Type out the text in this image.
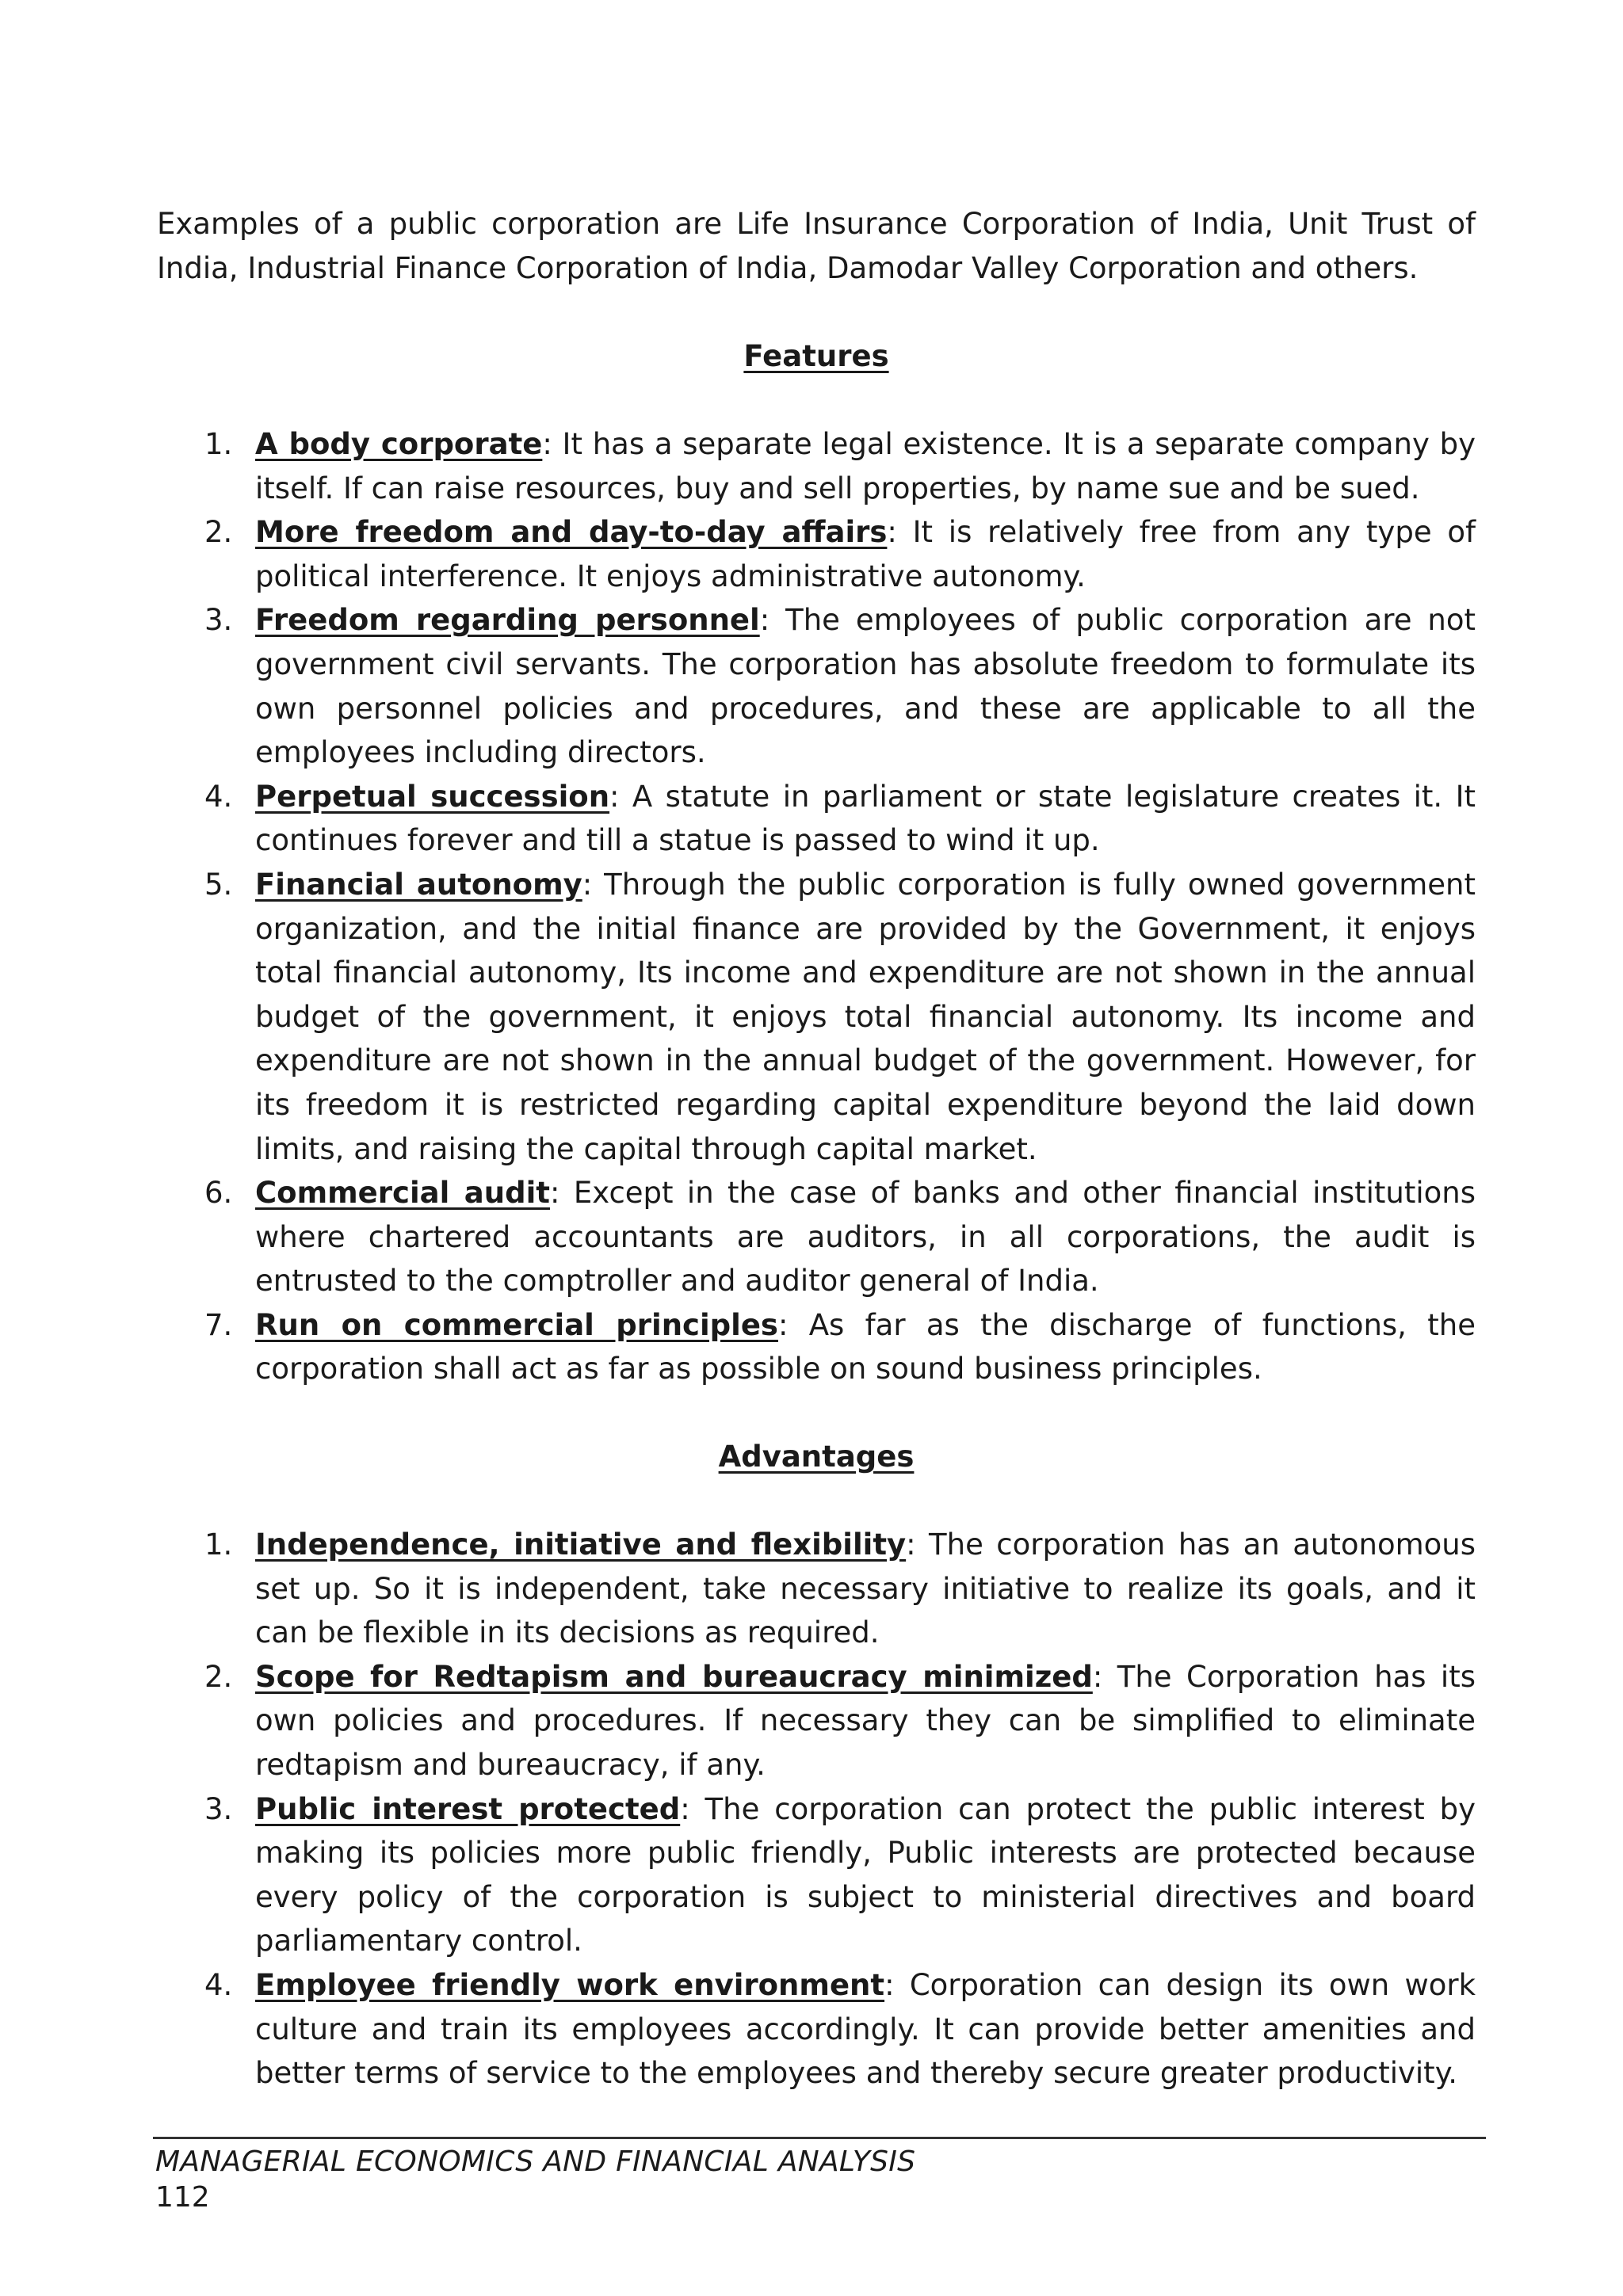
Examples of a public corporation are Life Insurance Corporation of India, Unit Trust of India, Industrial Finance Corporation of India, Damodar Valley Corporation and others.

Features
1. A body corporate: It has a separate legal existence. It is a separate company by itself. If can raise resources, buy and sell properties, by name sue and be sued.
2. More freedom and day-to-day affairs: It is relatively free from any type of political interference. It enjoys administrative autonomy.
3. Freedom regarding personnel: The employees of public corporation are not government civil servants. The corporation has absolute freedom to formulate its own personnel policies and procedures, and these are applicable to all the employees including directors.
4. Perpetual succession: A statute in parliament or state legislature creates it. It continues forever and till a statue is passed to wind it up.
5. Financial autonomy: Through the public corporation is fully owned government organization, and the initial finance are provided by the Government, it enjoys total financial autonomy, Its income and expenditure are not shown in the annual budget of the government, it enjoys total financial autonomy. Its income and expenditure are not shown in the annual budget of the government. However, for its freedom it is restricted regarding capital expenditure beyond the laid down limits, and raising the capital through capital market.
6. Commercial audit: Except in the case of banks and other financial institutions where chartered accountants are auditors, in all corporations, the audit is entrusted to the comptroller and auditor general of India.
7. Run on commercial principles: As far as the discharge of functions, the corporation shall act as far as possible on sound business principles.
Advantages
1. Independence, initiative and flexibility: The corporation has an autonomous set up. So it is independent, take necessary initiative to realize its goals, and it can be flexible in its decisions as required.
2. Scope for Redtapism and bureaucracy minimized: The Corporation has its own policies and procedures. If necessary they can be simplified to eliminate redtapism and bureaucracy, if any.
3. Public interest protected: The corporation can protect the public interest by making its policies more public friendly, Public interests are protected because every policy of the corporation is subject to ministerial directives and board parliamentary control.
4. Employee friendly work environment: Corporation can design its own work culture and train its employees accordingly. It can provide better amenities and better terms of service to the employees and thereby secure greater productivity.
MANAGERIAL ECONOMICS AND FINANCIAL ANALYSIS
112
